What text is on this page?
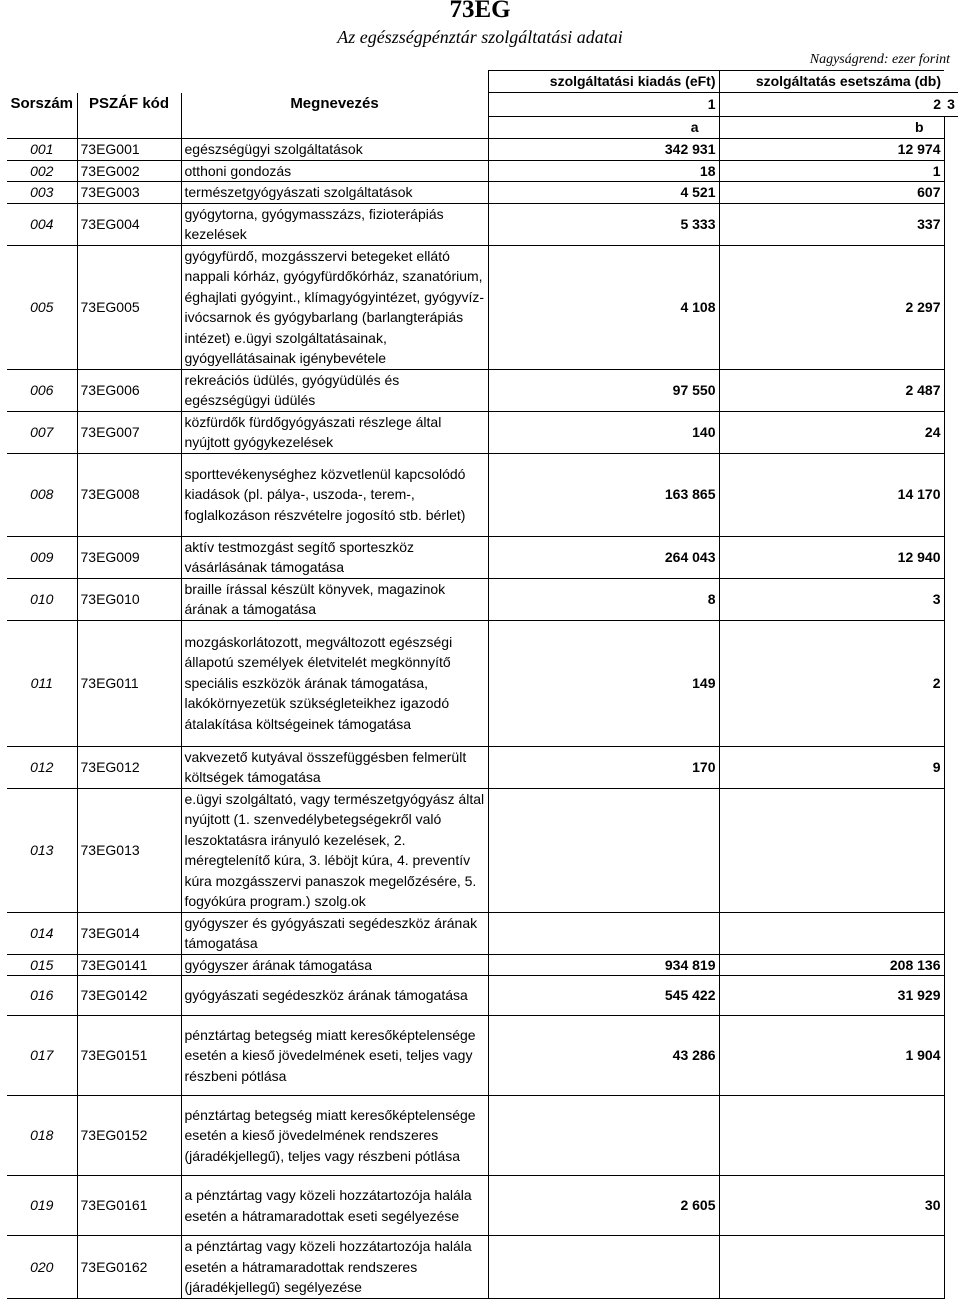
73EG
Az egészségpénztár szolgáltatási adatai
Nagyságrend: ezer forint
			szolgáltatási kiadás (eFt)	szolgáltatás esetszáma (db)	
Sorszám	PSZÁF kód	Megnevezés	1	2	3
			a	b	
001	73EG001	egészségügyi szolgáltatások	342 931	12 974	
002	73EG002	otthoni gondozás	18	1	
003	73EG003	természetgyógyászati szolgáltatások	4 521	607	
004	73EG004	gyógytorna, gyógymasszázs, fizioterápiás kezelések	5 333	337	
005	73EG005	gyógyfürdő, mozgásszervi betegeket ellátó nappali kórház, gyógyfürdőkórház, szanatórium, éghajlati gyógyint., klímagyógyintézet, gyógyvíz-ivócsarnok és gyógybarlang (barlangterápiás intézet) e.ügyi szolgáltatásainak, gyógyellátásainak igénybevétele	4 108	2 297	
006	73EG006	rekreációs üdülés, gyógyüdülés és egészségügyi üdülés	97 550	2 487	
007	73EG007	közfürdők fürdőgyógyászati részlege által nyújtott gyógykezelések	140	24	
008	73EG008	sporttevékenységhez közvetlenül kapcsolódó kiadások (pl. pálya-, uszoda-, terem-, foglalkozáson részvételre jogosító stb. bérlet)	163 865	14 170	
009	73EG009	aktív testmozgást segítő sporteszköz vásárlásának támogatása	264 043	12 940	
010	73EG010	braille írással készült könyvek, magazinok árának a támogatása	8	3	
011	73EG011	mozgáskorlátozott, megváltozott egészségi állapotú személyek életvitelét megkönnyítő speciális eszközök árának támogatása, lakókörnyezetük szükségleteikhez igazodó átalakítása költségeinek támogatása	149	2	
012	73EG012	vakvezető kutyával összefüggésben felmerült költségek támogatása	170	9	
013	73EG013	e.ügyi szolgáltató, vagy természetgyógyász által nyújtott (1. szenvedélybetegségekről való leszoktatásra irányuló kezelések, 2. méregtelenítő kúra, 3. léböjt kúra, 4. preventív kúra mozgásszervi panaszok megelőzésére, 5. fogyókúra program.) szolg.ok			
014	73EG014	gyógyszer és gyógyászati segédeszköz árának támogatása			
015	73EG0141	gyógyszer árának támogatása	934 819	208 136	
016	73EG0142	gyógyászati segédeszköz árának támogatása	545 422	31 929	
017	73EG0151	pénztártag betegség miatt keresőképtelensége esetén a kieső jövedelmének eseti, teljes vagy részbeni pótlása	43 286	1 904	
018	73EG0152	pénztártag betegség miatt keresőképtelensége esetén a kieső jövedelmének rendszeres (járadékjellegű), teljes vagy részbeni pótlása			
019	73EG0161	a pénztártag vagy közeli hozzátartozója halála esetén a hátramaradottak eseti segélyezése	2 605	30	
020	73EG0162	a pénztártag vagy közeli hozzátartozója halála esetén a hátramaradottak rendszeres (járadékjellegű) segélyezése			
